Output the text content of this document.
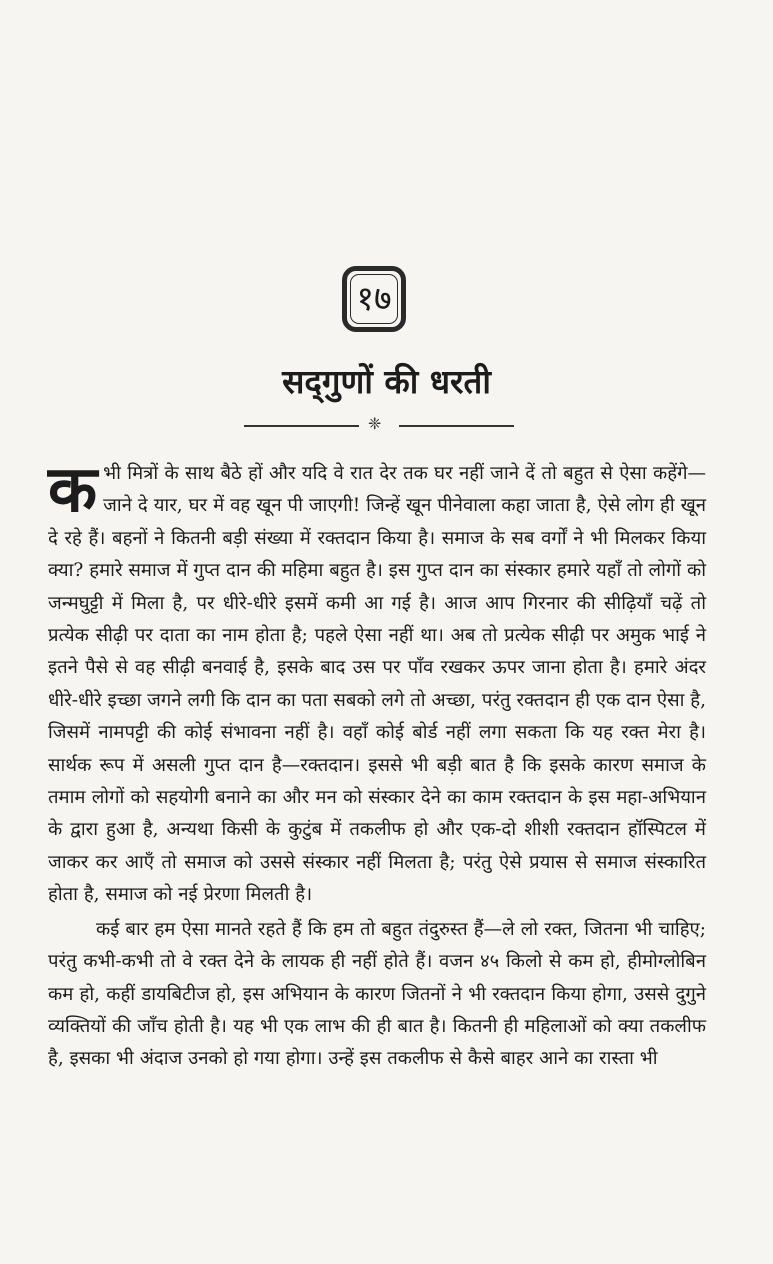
१७
सद्‌गुणों की धरती
❈
क भी मित्रों के साथ बैठे हों और यदि वे रात देर तक घर नहीं जाने दें तो बहुत से ऐसा कहेंगे—जाने दे यार, घर में वह खून पी जाएगी! जिन्हें खून पीनेवाला कहा जाता है, ऐसे लोग ही खून दे रहे हैं। बहनों ने कितनी बड़ी संख्या में रक्तदान किया है। समाज के सब वर्गों ने भी मिलकर किया क्या? हमारे समाज में गुप्त दान की महिमा बहुत है। इस गुप्त दान का संस्कार हमारे यहाँ तो लोगों को जन्मघुट्टी में मिला है, पर धीरे-धीरे इसमें कमी आ गई है। आज आप गिरनार की सीढ़ियाँ चढ़ें तो प्रत्येक सीढ़ी पर दाता का नाम होता है; पहले ऐसा नहीं था। अब तो प्रत्येक सीढ़ी पर अमुक भाई ने इतने पैसे से वह सीढ़ी बनवाई है, इसके बाद उस पर पाँव रखकर ऊपर जाना होता है। हमारे अंदर धीरे-धीरे इच्छा जगने लगी कि दान का पता सबको लगे तो अच्छा, परंतु रक्तदान ही एक दान ऐसा है, जिसमें नामपट्टी की कोई संभावना नहीं है। वहाँ कोई बोर्ड नहीं लगा सकता कि यह रक्त मेरा है। सार्थक रूप में असली गुप्त दान है—रक्तदान। इससे भी बड़ी बात है कि इसके कारण समाज के तमाम लोगों को सहयोगी बनाने का और मन को संस्कार देने का काम रक्तदान के इस महा-अभियान के द्वारा हुआ है, अन्यथा किसी के कुटुंब में तकलीफ हो और एक-दो शीशी रक्तदान हॉस्पिटल में जाकर कर आएँ तो समाज को उससे संस्कार नहीं मिलता है; परंतु ऐसे प्रयास से समाज संस्कारित होता है, समाज को नई प्रेरणा मिलती है।

कई बार हम ऐसा मानते रहते हैं कि हम तो बहुत तंदुरुस्त हैं—ले लो रक्त, जितना भी चाहिए; परंतु कभी-कभी तो वे रक्त देने के लायक ही नहीं होते हैं। वजन ४५ किलो से कम हो, हीमोग्लोबिन कम हो, कहीं डायबिटीज हो, इस अभियान के कारण जितनों ने भी रक्तदान किया होगा, उससे दुगुने व्यक्तियों की जाँच होती है। यह भी एक लाभ की ही बात है। कितनी ही महिलाओं को क्या तकलीफ है, इसका भी अंदाज उनको हो गया होगा। उन्हें इस तकलीफ से कैसे बाहर आने का रास्ता भी
